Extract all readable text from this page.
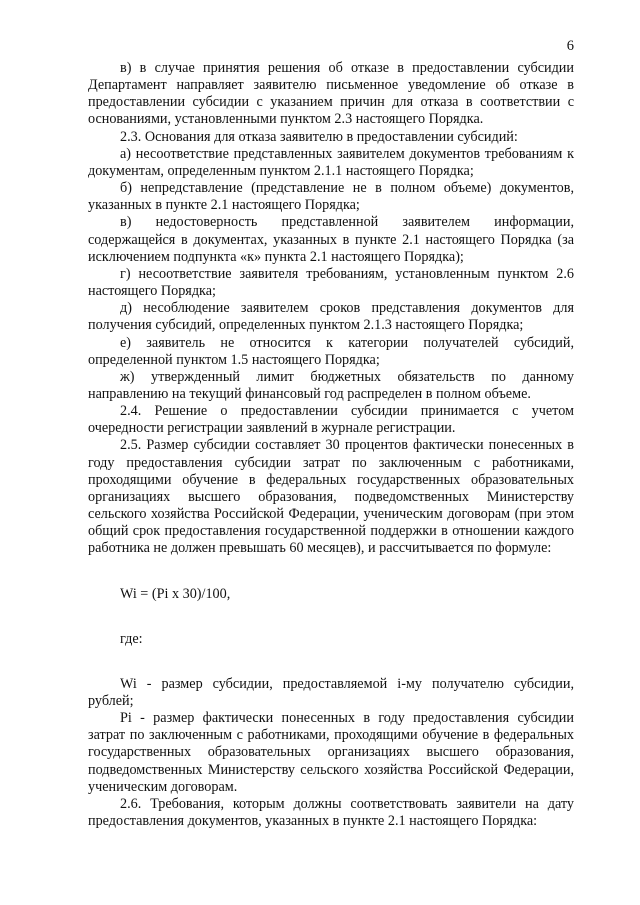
6

в) в случае принятия решения об отказе в предоставлении субсидии Департамент направляет заявителю письменное уведомление об отказе в предоставлении субсидии с указанием причин для отказа в соответствии с основаниями, установленными пунктом 2.3 настоящего Порядка.

2.3. Основания для отказа заявителю в предоставлении субсидий:

а) несоответствие представленных заявителем документов требованиям к документам, определенным пунктом 2.1.1 настоящего Порядка;

б) непредставление (представление не в полном объеме) документов, указанных в пункте 2.1 настоящего Порядка;

в) недостоверность представленной заявителем информации, содержащейся в документах, указанных в пункте 2.1 настоящего Порядка (за исключением подпункта «к» пункта 2.1 настоящего Порядка);

г) несоответствие заявителя требованиям, установленным пунктом 2.6 настоящего Порядка;

д) несоблюдение заявителем сроков представления документов для получения субсидий, определенных пунктом 2.1.3 настоящего Порядка;

е) заявитель не относится к категории получателей субсидий, определенной пунктом 1.5 настоящего Порядка;

ж) утвержденный лимит бюджетных обязательств по данному направлению на текущий финансовый год распределен в полном объеме.

2.4. Решение о предоставлении субсидии принимается с учетом очередности регистрации заявлений в журнале регистрации.

2.5. Размер субсидии составляет 30 процентов фактически понесенных в году предоставления субсидии затрат по заключенным с работниками, проходящими обучение в федеральных государственных образовательных организациях высшего образования, подведомственных Министерству сельского хозяйства Российской Федерации, ученическим договорам (при этом общий срок предоставления государственной поддержки в отношении каждого работника не должен превышать 60 месяцев), и рассчитывается по формуле:

Wi = (Pi x 30)/100,

где:

Wi - размер субсидии, предоставляемой i-му получателю субсидии, рублей;

Pi - размер фактически понесенных в году предоставления субсидии затрат по заключенным с работниками, проходящими обучение в федеральных государственных образовательных организациях высшего образования, подведомственных Министерству сельского хозяйства Российской Федерации, ученическим договорам.

2.6. Требования, которым должны соответствовать заявители на дату предоставления документов, указанных в пункте 2.1 настоящего Порядка:
